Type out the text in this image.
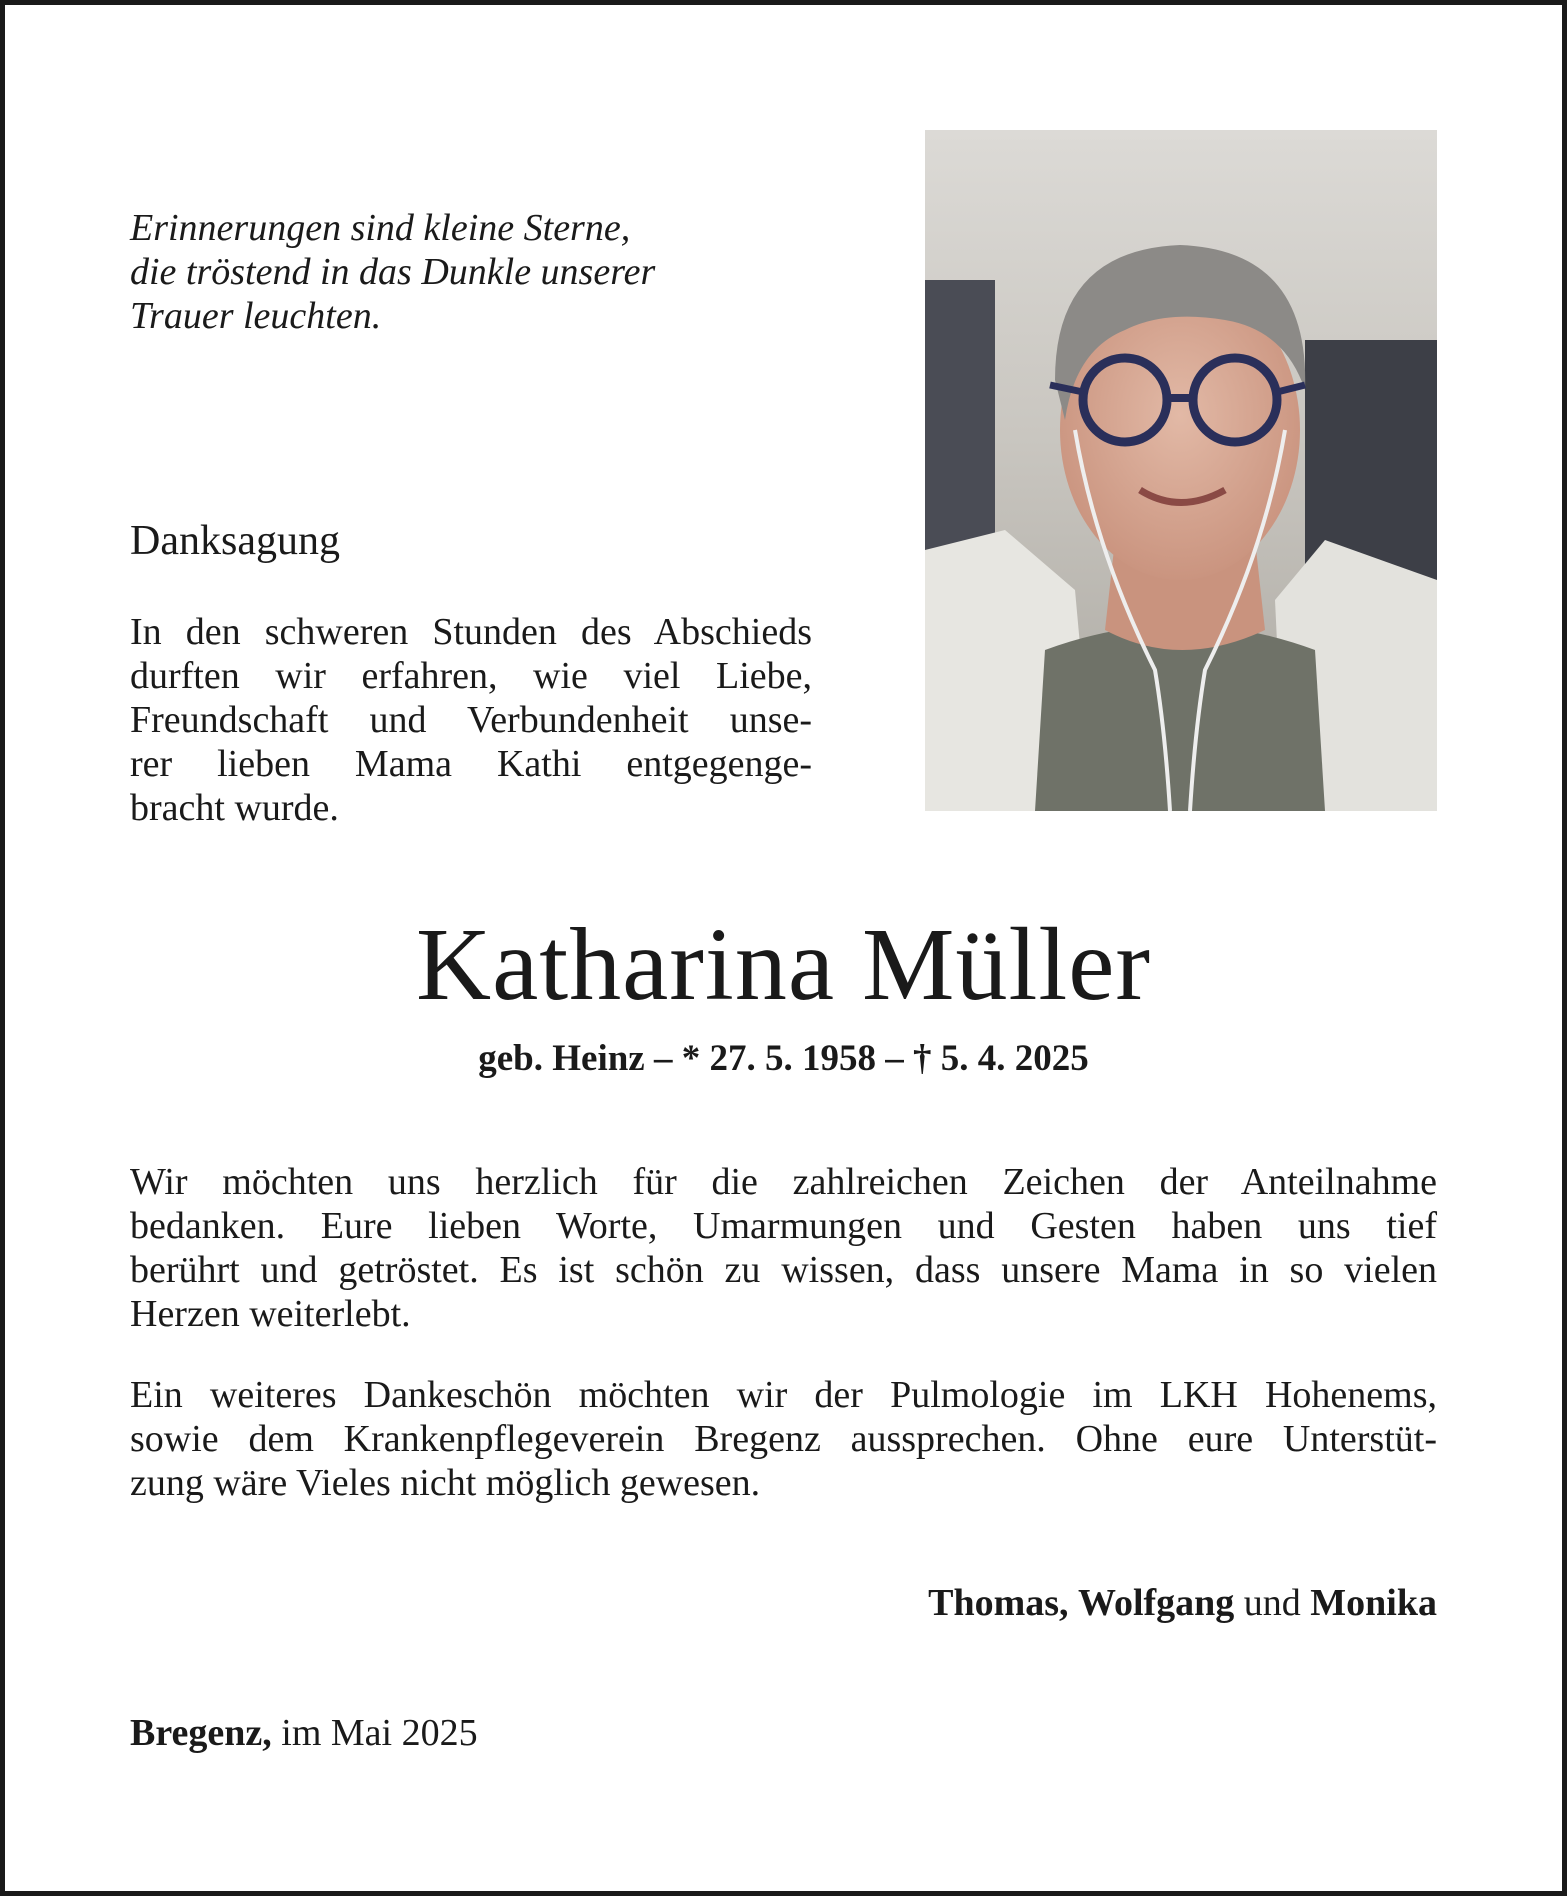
Erinnerungen sind kleine Sterne,
die tröstend in das Dunkle unserer
Trauer leuchten.
Danksagung
In den schweren Stunden des Abschieds
durften wir erfahren, wie viel Liebe,
Freundschaft und Verbundenheit unse-
rer lieben Mama Kathi entgegenge-
bracht wurde.
Katharina Müller
geb. Heinz – * 27. 5. 1958 – † 5. 4. 2025
Wir möchten uns herzlich für die zahlreichen Zeichen der Anteilnahme
bedanken. Eure lieben Worte, Umarmungen und Gesten haben uns tief
berührt und getröstet. Es ist schön zu wissen, dass unsere Mama in so vielen
Herzen weiterlebt.
Ein weiteres Dankeschön möchten wir der Pulmologie im LKH Hohenems,
sowie dem Krankenpflegeverein Bregenz aussprechen. Ohne eure Unterstüt-
zung wäre Vieles nicht möglich gewesen.
Thomas, Wolfgang und Monika
Bregenz, im Mai 2025
